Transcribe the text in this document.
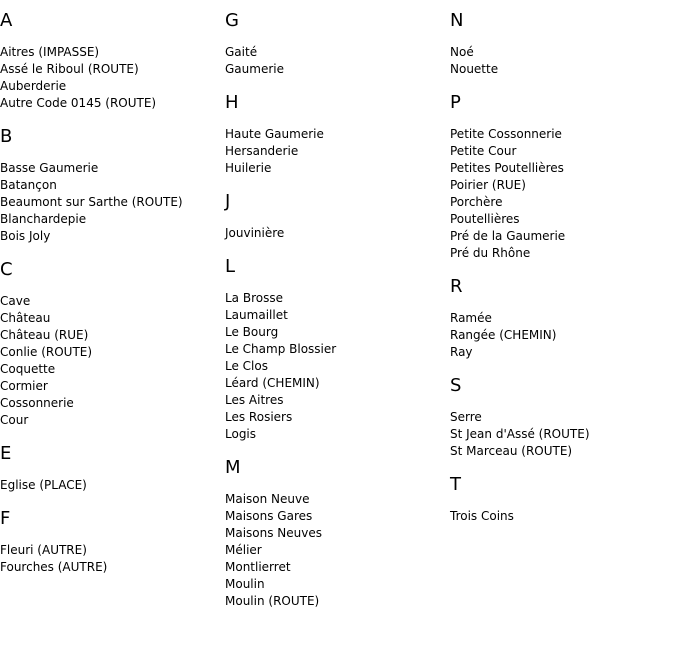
A
Aitres (IMPASSE)
Assé le Riboul (ROUTE)
Auberderie
Autre Code 0145 (ROUTE)
B
Basse Gaumerie
Batançon
Beaumont sur Sarthe (ROUTE)
Blanchardерie
Bois Joly
C
Cave
Château
Château (RUE)
Conlie (ROUTE)
Coquette
Cormier
Cossonnerie
Cour
E
Eglise (PLACE)
F
Fleuri (AUTRE)
Fourches (AUTRE)
G
Gaité
Gaumerie
H
Haute Gaumerie
Hersanderie
Huilerie
J
Jouvinière
L
La Brosse
Laumaillet
Le Bourg
Le Champ Blossier
Le Clos
Léard (CHEMIN)
Les Aitres
Les Rosiers
Logis
M
Maison Neuve
Maisons Gares
Maisons Neuves
Mélier
Montlierret
Moulin
Moulin (ROUTE)
N
Noé
Nouette
P
Petite Cossonnerie
Petite Cour
Petites Poutellières
Poirier (RUE)
Porchère
Poutellières
Pré de la Gaumerie
Pré du Rhône
R
Ramée
Rangée (CHEMIN)
Ray
S
Serre
St Jean d'Assé (ROUTE)
St Marceau (ROUTE)
T
Trois Coins
